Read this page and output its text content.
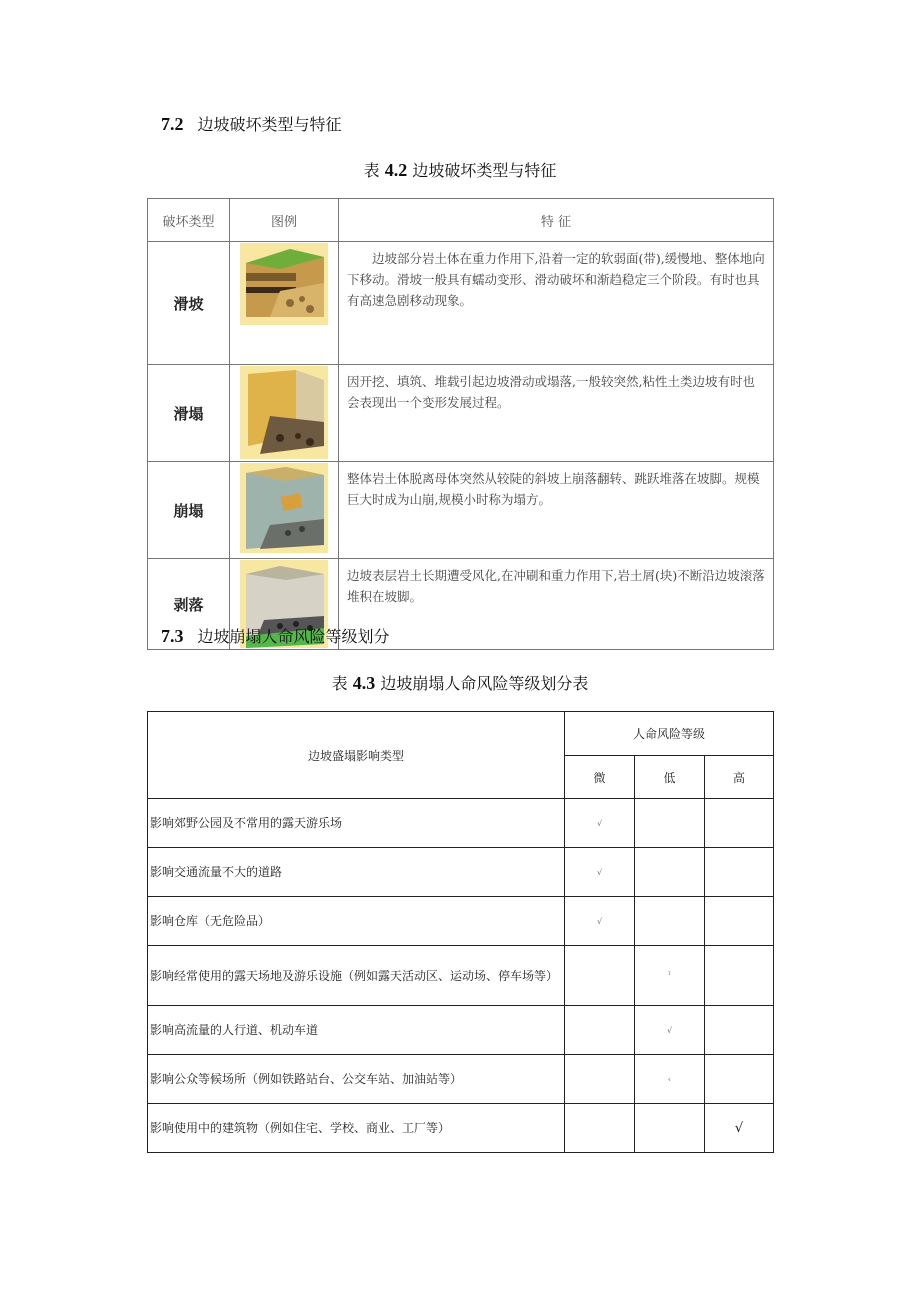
7.2 边坡破坏类型与特征
表 4.2 边坡破坏类型与特征
破坏类型	图例	特 征
滑坡		　　边坡部分岩土体在重力作用下,沿着一定的软弱面(带),缓慢地、整体地向下移动。滑坡一般具有蠕动变形、滑动破坏和渐趋稳定三个阶段。有时也具有高速急剧移动现象。
滑塌		因开挖、填筑、堆载引起边坡滑动或塌落,一般较突然,粘性土类边坡有时也会表现出一个变形发展过程。
崩塌		整体岩土体脱离母体突然从较陡的斜坡上崩落翻转、跳跃堆落在坡脚。规模巨大时成为山崩,规模小时称为塌方。
剥落		边坡表层岩土长期遭受风化,在冲刷和重力作用下,岩土屑(块)不断沿边坡滚落堆积在坡脚。
7.3 边坡崩塌人命风险等级划分
表 4.3 边坡崩塌人命风险等级划分表
边坡盛塌影响类型	人命风险等级		
	微	低	高
影响郊野公园及不常用的露天游乐场	√		
影响交通流量不大的道路	√		
影响仓库（无危险品）	√		
影响经常使用的露天场地及游乐设施（例如露天活动区、运动场、停车场等）		ˀ	
影响高流量的人行道、机动车道		√	
影响公众等候场所（例如铁路站台、公交车站、加油站等）		‹	
影响使用中的建筑物（例如住宅、学校、商业、工厂等）			√
